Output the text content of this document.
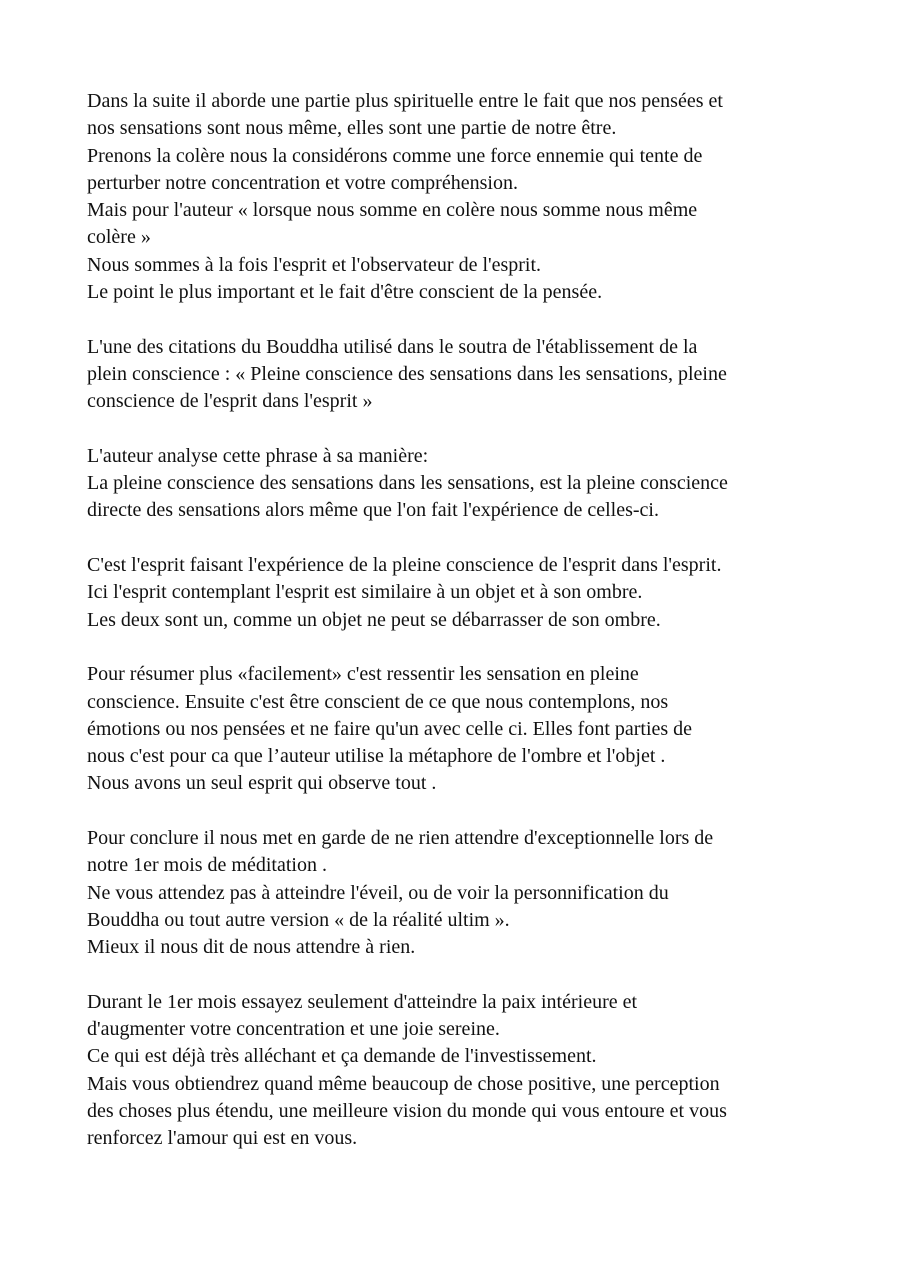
Dans la suite il aborde une partie plus spirituelle entre le fait que nos pensées et
nos sensations sont nous même, elles sont une partie de notre être.
Prenons la colère nous la considérons comme une force ennemie qui tente de
perturber notre concentration et votre compréhension.
Mais pour l'auteur « lorsque nous somme en colère nous somme nous même
colère »
Nous sommes à la fois l'esprit et l'observateur de l'esprit.
Le point le plus important et le fait d'être conscient de la pensée.
L'une des citations du Bouddha utilisé dans le soutra de l'établissement de la
plein conscience : « Pleine conscience des sensations dans les sensations, pleine
conscience de l'esprit dans l'esprit »
L'auteur analyse cette phrase à sa manière:
La pleine conscience des sensations dans les sensations, est la pleine conscience
directe des sensations alors même que l'on fait l'expérience de celles-ci.
C'est l'esprit faisant l'expérience de la pleine conscience de l'esprit dans l'esprit.
Ici l'esprit contemplant l'esprit est similaire à un objet et à son ombre.
Les deux sont un, comme un objet ne peut se débarrasser de son ombre.
Pour résumer plus «facilement» c'est ressentir les sensation en pleine
conscience. Ensuite c'est être conscient de ce que nous contemplons, nos
émotions ou nos pensées et ne faire qu'un avec celle ci. Elles font parties de
nous c'est pour ca que l’auteur utilise la métaphore de l'ombre et l'objet .
Nous avons un seul esprit qui observe tout .
Pour conclure il nous met en garde de ne rien attendre d'exceptionnelle lors de
notre 1er mois de méditation .
Ne vous attendez pas à atteindre l'éveil, ou de voir la personnification du
Bouddha ou tout autre version « de la réalité ultim ».
Mieux il nous dit de nous attendre à rien.
Durant le 1er mois essayez seulement d'atteindre la paix intérieure et
d'augmenter votre concentration et une joie sereine.
Ce qui est déjà très alléchant et ça demande de l'investissement.
Mais vous obtiendrez quand même beaucoup de chose positive, une perception
des choses plus étendu, une meilleure vision du monde qui vous entoure et vous
renforcez l'amour qui est en vous.
